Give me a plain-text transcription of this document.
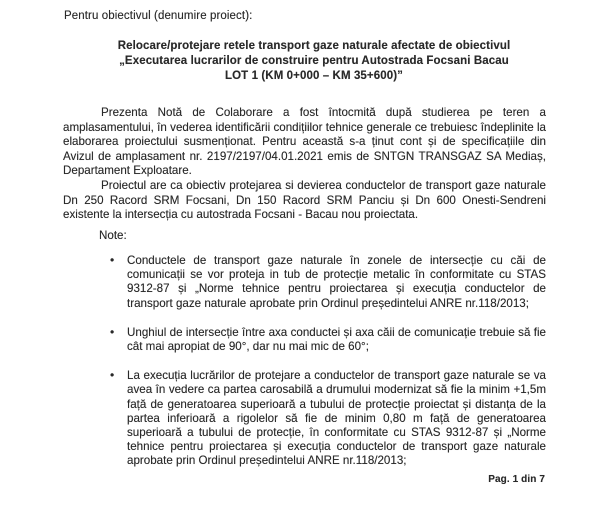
Pentru obiectivul (denumire proiect):
Relocare/protejare retele transport gaze naturale afectate de obiectivul
„Executarea lucrarilor de construire pentru Autostrada Focsani Bacau
LOT 1 (KM 0+000 – KM 35+600)”

Prezenta Notă de Colaborare a fost întocmită după studierea pe teren a amplasamentului, în vederea identificării condițiilor tehnice generale ce trebuiesc îndeplinite la elaborarea proiectului susmenționat. Pentru această s-a ținut cont și de specificațiile din Avizul de amplasament nr. 2197/2197/04.01.2021 emis de SNTGN TRANSGAZ SA Mediaș, Departament Exploatare.

Proiectul are ca obiectiv protejarea si devierea conductelor de transport gaze naturale Dn 250 Racord SRM Focsani, Dn 150 Racord SRM Panciu și Dn 600 Onesti-Sendreni existente la intersecția cu autostrada Focsani - Bacau nou proiectata.

Note:
• Conductele de transport gaze naturale în zonele de intersecție cu căi de comunicații se vor proteja in tub de protecție metalic în conformitate cu STAS 9312-87 și „Norme tehnice pentru proiectarea și execuția conductelor de transport gaze naturale aprobate prin Ordinul președintelui ANRE nr.118/2013;
• Unghiul de intersecție între axa conductei și axa căii de comunicație trebuie să fie cât mai apropiat de 90°, dar nu mai mic de 60°;
• La execuția lucrărilor de protejare a conductelor de transport gaze naturale se va avea în vedere ca partea carosabilă a drumului modernizat să fie la minim +1,5m față de generatoarea superioară a tubului de protecție proiectat și distanța de la partea inferioară a rigolelor să fie de minim 0,80 m față de generatoarea superioară a tubului de protecție, în conformitate cu STAS 9312-87 și „Norme tehnice pentru proiectarea și execuția conductelor de transport gaze naturale aprobate prin Ordinul președintelui ANRE nr.118/2013;
Pag. 1 din 7
